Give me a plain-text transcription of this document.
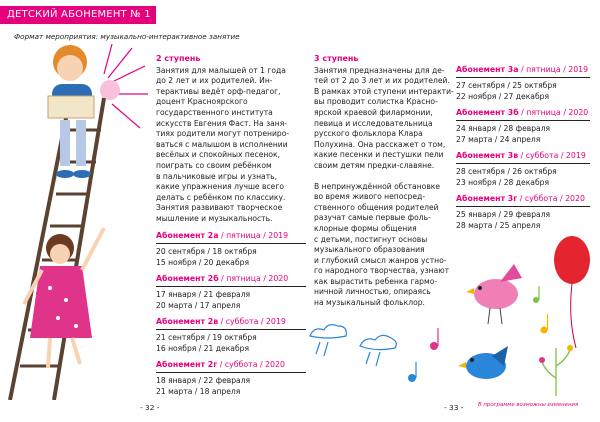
ДЕТСКИЙ АБОНЕМЕНТ № 1
Формат мероприятия: музыкально-интерактивное занятие
2 ступень
Занятия для малышей от 1 года
до 2 лет и их родителей. Ин-
терактивы ведёт орф-педагог,
доцент Красноярского
государственного института
искусств Евгения Фаст. На заня-
тиях родители могут потрениро-
ваться с малышом в исполнении
весёлых и спокойных песенок,
поиграть со своим ребёнком
в пальчиковые игры и узнать,
какие упражнения лучше всего
делать с ребёнком по классику.
Занятия развивают творческое
мышление и музыкальность.
Абонемент 2а / пятница / 2019
20 сентября / 18 октября
15 ноября / 20 декабря
Абонемент 2б / пятница / 2020
17 января / 21 февраля
20 марта / 17 апреля
Абонемент 2в / суббота / 2019
21 сентября / 19 октября
16 ноября / 21 декабря
Абонемент 2г / суббота / 2020
18 января / 22 февраля
21 марта / 18 апреля
3 ступень
Занятия предназначены для де-
тей от 2 до 3 лет и их родителей.
В рамках этой ступени интеракти-
вы проводит солистка Красно-
ярской краевой филармонии,
певица и исследовательница
русского фольклора Клара
Полухина. Она расскажет о том,
какие песенки и пестушки пели
своим детям предки-славяне.
В непринуждённой обстановке
во время живого непосред-
ственного общения родителей
разучат самые первые фоль-
клорные формы общения
с детьми, постигнут основы
музыкального образования
и глубокий смысл жанров устно-
го народного творчества, узнают
как вырастить ребенка гармо-
ничной личностью, опираясь
на музыкальный фольклор.
Абонемент 3а / пятница / 2019
27 сентября / 25 октября
22 ноября / 27 декабря
Абонемент 3б / пятница / 2020
24 января / 28 февраля
27 марта / 24 апреля
Абонемент 3в / суббота / 2019
28 сентября / 26 октября
23 ноября / 28 декабря
Абонемент 3г / суббота / 2020
25 января / 29 февраля
28 марта / 25 апреля
- 32 -	- 33 -	В программе возможны изменения
